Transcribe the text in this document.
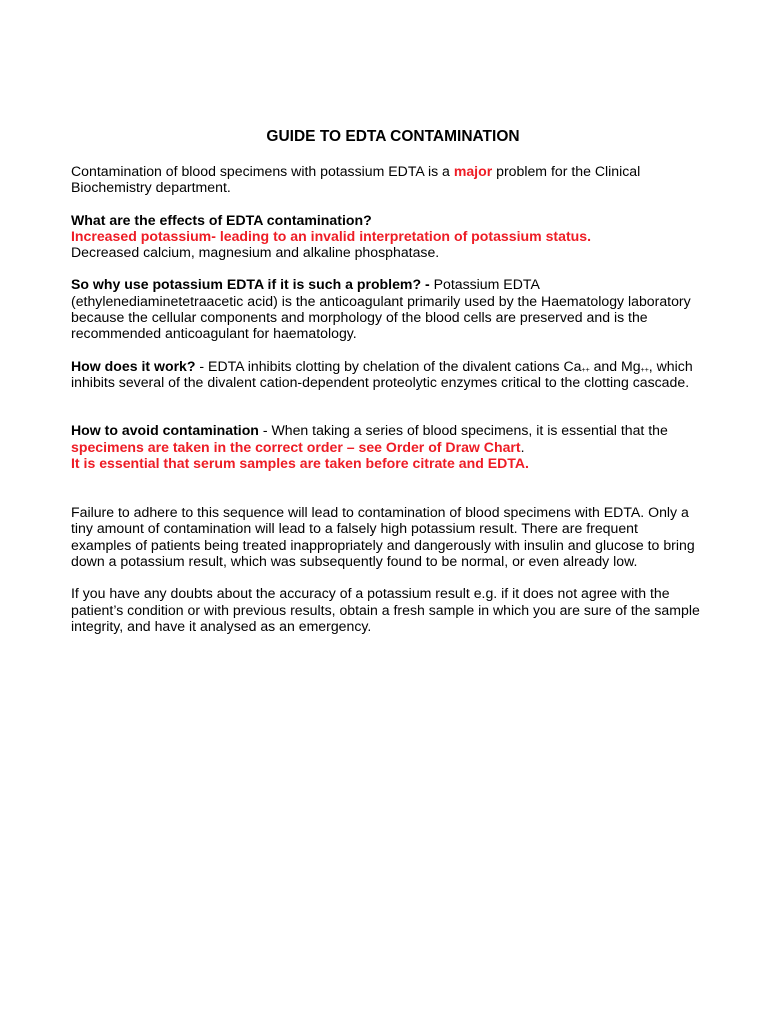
GUIDE TO EDTA CONTAMINATION

Contamination of blood specimens with potassium EDTA is a major problem for the Clinical Biochemistry department.

What are the effects of EDTA contamination?
Increased potassium- leading to an invalid interpretation of potassium status.
Decreased calcium, magnesium and alkaline phosphatase.

So why use potassium EDTA if it is such a problem? - Potassium EDTA (ethylenediaminetetraacetic acid) is the anticoagulant primarily used by the Haematology laboratory because the cellular components and morphology of the blood cells are preserved and is the recommended anticoagulant for haematology.

How does it work? - EDTA inhibits clotting by chelation of the divalent cations $Ca_{++}$ and $Mg_{++}$, which inhibits several of the divalent cation-dependent proteolytic enzymes critical to the clotting cascade.

How to avoid contamination - When taking a series of blood specimens, it is essential that the specimens are taken in the correct order – see Order of Draw Chart.
It is essential that serum samples are taken before citrate and EDTA.

Failure to adhere to this sequence will lead to contamination of blood specimens with EDTA. Only a tiny amount of contamination will lead to a falsely high potassium result. There are frequent examples of patients being treated inappropriately and dangerously with insulin and glucose to bring down a potassium result, which was subsequently found to be normal, or even already low.

If you have any doubts about the accuracy of a potassium result e.g. if it does not agree with the patient’s condition or with previous results, obtain a fresh sample in which you are sure of the sample integrity, and have it analysed as an emergency.
